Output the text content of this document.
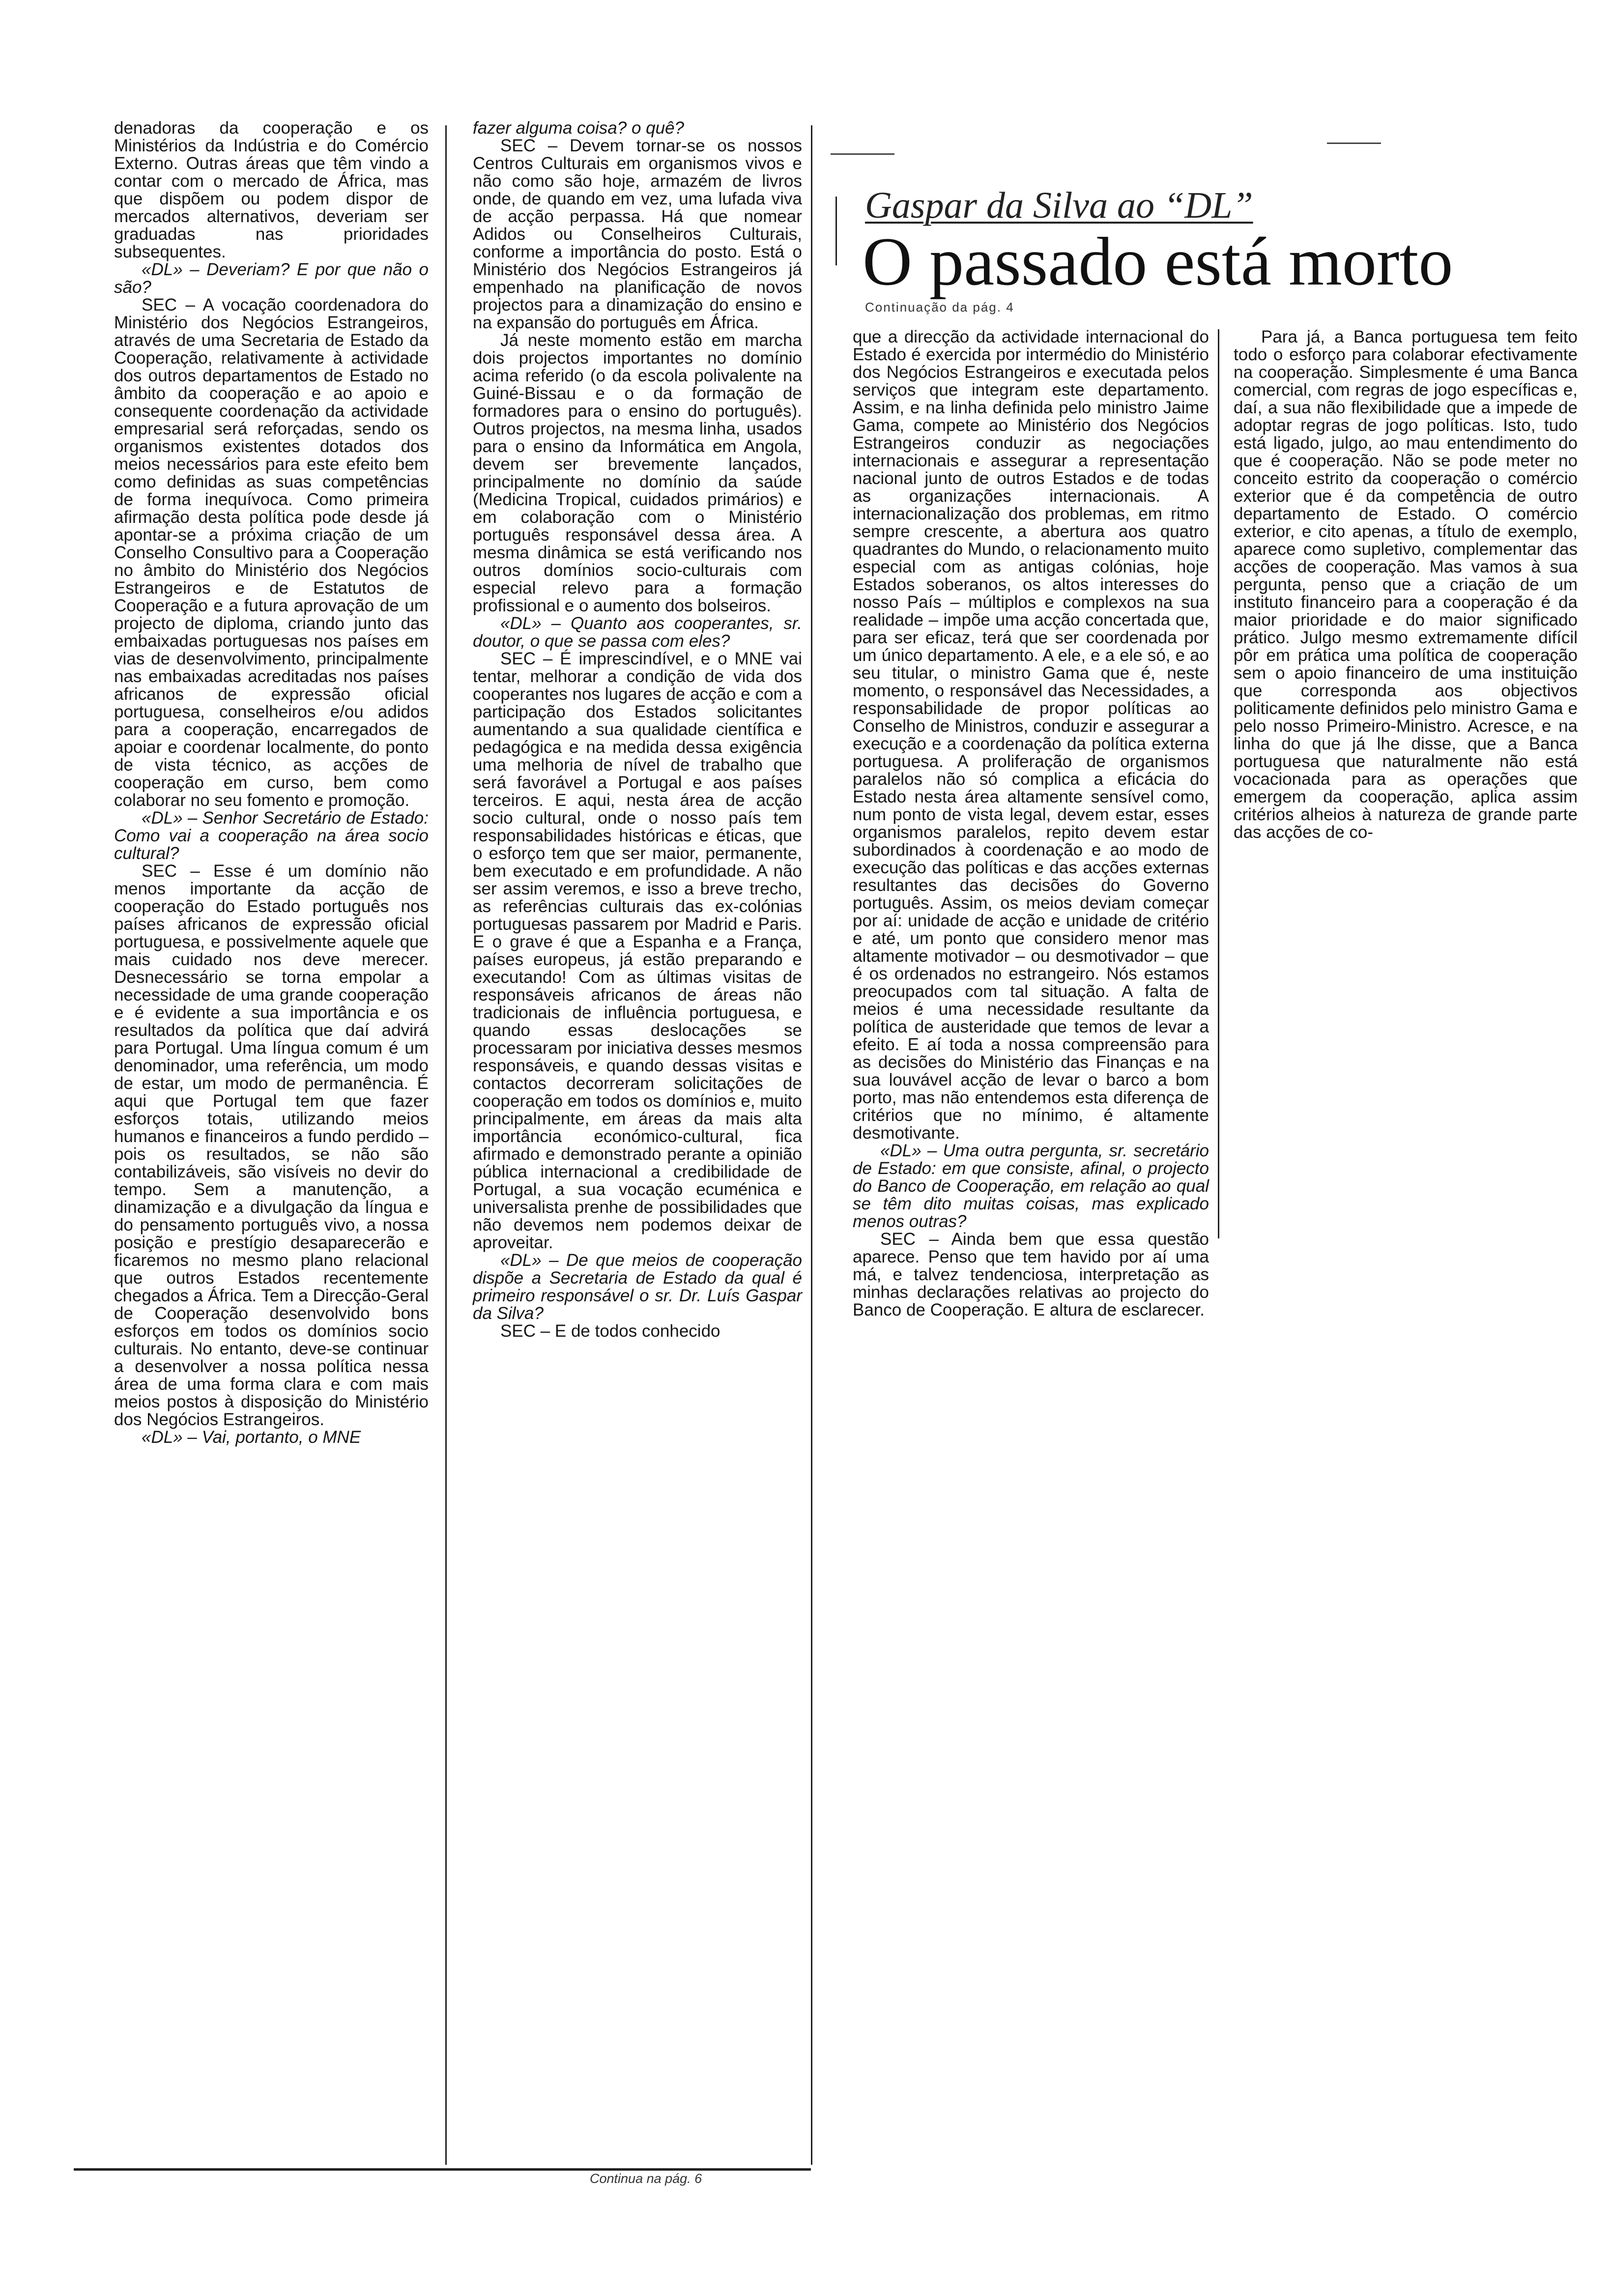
Gaspar da Silva ao “DL”
O passado está morto
Continuação da pág. 4

denadoras da cooperação e os Ministérios da Indústria e do Comércio Externo. Outras áreas que têm vindo a contar com o mercado de África, mas que dispõem ou podem dispor de mercados alternativos, deveriam ser graduadas nas prioridades subsequentes.

«DL» – Deveriam? E por que não o são?

SEC – A vocação coordenadora do Ministério dos Negócios Estrangeiros, através de uma Secretaria de Estado da Cooperação, relativamente à actividade dos outros departamentos de Estado no âmbito da cooperação e ao apoio e consequente coordenação da actividade empresarial será reforçadas, sendo os organismos existentes dotados dos meios necessários para este efeito bem como definidas as suas competências de forma inequívoca. Como primeira afirmação desta política pode desde já apontar-se a próxima criação de um Conselho Consultivo para a Cooperação no âmbito do Ministério dos Negócios Estrangeiros e de Estatutos de Cooperação e a futura aprovação de um projecto de diploma, criando junto das embaixadas portuguesas nos países em vias de desenvolvimento, principalmente nas embaixadas acreditadas nos países africanos de expressão oficial portuguesa, conselheiros e/ou adidos para a cooperação, encarregados de apoiar e coordenar localmente, do ponto de vista técnico, as acções de cooperação em curso, bem como colaborar no seu fomento e promoção.

«DL» – Senhor Secretário de Estado: Como vai a cooperação na área socio cultural?

SEC – Esse é um domínio não menos importante da acção de cooperação do Estado português nos países africanos de expressão oficial portuguesa, e possivelmente aquele que mais cuidado nos deve merecer. Desnecessário se torna empolar a necessidade de uma grande cooperação e é evidente a sua importância e os resultados da política que daí advirá para Portugal. Uma língua comum é um denominador, uma referência, um modo de estar, um modo de permanência. É aqui que Portugal tem que fazer esforços totais, utilizando meios humanos e financeiros a fundo perdido – pois os resultados, se não são contabilizáveis, são visíveis no devir do tempo. Sem a manutenção, a dinamização e a divulgação da língua e do pensamento português vivo, a nossa posição e prestígio desaparecerão e ficaremos no mesmo plano relacional que outros Estados recentemente chegados a África. Tem a Direcção-Geral de Cooperação desenvolvido bons esforços em todos os domínios socio culturais. No entanto, deve-se continuar a desenvolver a nossa política nessa área de uma forma clara e com mais meios postos à disposição do Ministério dos Negócios Estrangeiros.

«DL» – Vai, portanto, o MNE

fazer alguma coisa? o quê?

SEC – Devem tornar-se os nossos Centros Culturais em organismos vivos e não como são hoje, armazém de livros onde, de quando em vez, uma lufada viva de acção perpassa. Há que nomear Adidos ou Conselheiros Culturais, conforme a importância do posto. Está o Ministério dos Negócios Estrangeiros já empenhado na planificação de novos projectos para a dinamização do ensino e na expansão do português em África.

Já neste momento estão em marcha dois projectos importantes no domínio acima referido (o da escola polivalente na Guiné-Bissau e o da formação de formadores para o ensino do português). Outros projectos, na mesma linha, usados para o ensino da Informática em Angola, devem ser brevemente lançados, principalmente no domínio da saúde (Medicina Tropical, cuidados primários) e em colaboração com o Ministério português responsável dessa área. A mesma dinâmica se está verificando nos outros domínios socio-culturais com especial relevo para a formação profissional e o aumento dos bolseiros.

«DL» – Quanto aos cooperantes, sr. doutor, o que se passa com eles?

SEC – É imprescindível, e o MNE vai tentar, melhorar a condição de vida dos cooperantes nos lugares de acção e com a participação dos Estados solicitantes aumentando a sua qualidade científica e pedagógica e na medida dessa exigência uma melhoria de nível de trabalho que será favorável a Portugal e aos países terceiros. E aqui, nesta área de acção socio cultural, onde o nosso país tem responsabilidades históricas e éticas, que o esforço tem que ser maior, permanente, bem executado e em profundidade. A não ser assim veremos, e isso a breve trecho, as referências culturais das ex-colónias portuguesas passarem por Madrid e Paris. E o grave é que a Espanha e a França, países europeus, já estão preparando e executando! Com as últimas visitas de responsáveis africanos de áreas não tradicionais de influência portuguesa, e quando essas deslocações se processaram por iniciativa desses mesmos responsáveis, e quando dessas visitas e contactos decorreram solicitações de cooperação em todos os domínios e, muito principalmente, em áreas da mais alta importância económico-cultural, fica afirmado e demonstrado perante a opinião pública internacional a credibilidade de Portugal, a sua vocação ecuménica e universalista prenhe de possibilidades que não devemos nem podemos deixar de aproveitar.

«DL» – De que meios de cooperação dispõe a Secretaria de Estado da qual é primeiro responsável o sr. Dr. Luís Gaspar da Silva?

SEC – E de todos conhecido

que a direcção da actividade internacional do Estado é exercida por intermédio do Ministério dos Negócios Estrangeiros e executada pelos serviços que integram este departamento. Assim, e na linha definida pelo ministro Jaime Gama, compete ao Ministério dos Negócios Estrangeiros conduzir as negociações internacionais e assegurar a representação nacional junto de outros Estados e de todas as organizações internacionais. A internacionalização dos problemas, em ritmo sempre crescente, a abertura aos quatro quadrantes do Mundo, o relacionamento muito especial com as antigas colónias, hoje Estados soberanos, os altos interesses do nosso País – múltiplos e complexos na sua realidade – impõe uma acção concertada que, para ser eficaz, terá que ser coordenada por um único departamento. A ele, e a ele só, e ao seu titular, o ministro Gama que é, neste momento, o responsável das Necessidades, a responsabilidade de propor políticas ao Conselho de Ministros, conduzir e assegurar a execução e a coordenação da política externa portuguesa. A proliferação de organismos paralelos não só complica a eficácia do Estado nesta área altamente sensível como, num ponto de vista legal, devem estar, esses organismos paralelos, repito devem estar subordinados à coordenação e ao modo de execução das políticas e das acções externas resultantes das decisões do Governo português. Assim, os meios deviam começar por aí: unidade de acção e unidade de critério e até, um ponto que considero menor mas altamente motivador – ou desmotivador – que é os ordenados no estrangeiro. Nós estamos preocupados com tal situação. A falta de meios é uma necessidade resultante da política de austeridade que temos de levar a efeito. E aí toda a nossa compreensão para as decisões do Ministério das Finanças e na sua louvável acção de levar o barco a bom porto, mas não entendemos esta diferença de critérios que no mínimo, é altamente desmotivante.

«DL» – Uma outra pergunta, sr. secretário de Estado: em que consiste, afinal, o projecto do Banco de Cooperação, em relação ao qual se têm dito muitas coisas, mas explicado menos outras?

SEC – Ainda bem que essa questão aparece. Penso que tem havido por aí uma má, e talvez tendenciosa, interpretação as minhas declarações relativas ao projecto do Banco de Cooperação. E altura de esclarecer.

Para já, a Banca portuguesa tem feito todo o esforço para colaborar efectivamente na cooperação. Simplesmente é uma Banca comercial, com regras de jogo específicas e, daí, a sua não flexibilidade que a impede de adoptar regras de jogo políticas. Isto, tudo está ligado, julgo, ao mau entendimento do que é cooperação. Não se pode meter no conceito estrito da cooperação o comércio exterior que é da competência de outro departamento de Estado. O comércio exterior, e cito apenas, a título de exemplo, aparece como supletivo, complementar das acções de cooperação. Mas vamos à sua pergunta, penso que a criação de um instituto financeiro para a cooperação é da maior prioridade e do maior significado prático. Julgo mesmo extremamente difícil pôr em prática uma política de cooperação sem o apoio financeiro de uma instituição que corresponda aos objectivos politicamente definidos pelo ministro Gama e pelo nosso Primeiro-Ministro. Acresce, e na linha do que já lhe disse, que a Banca portuguesa que naturalmente não está vocacionada para as operações que emergem da cooperação, aplica assim critérios alheios à natureza de grande parte das acções de co-

Continua na pág. 6
